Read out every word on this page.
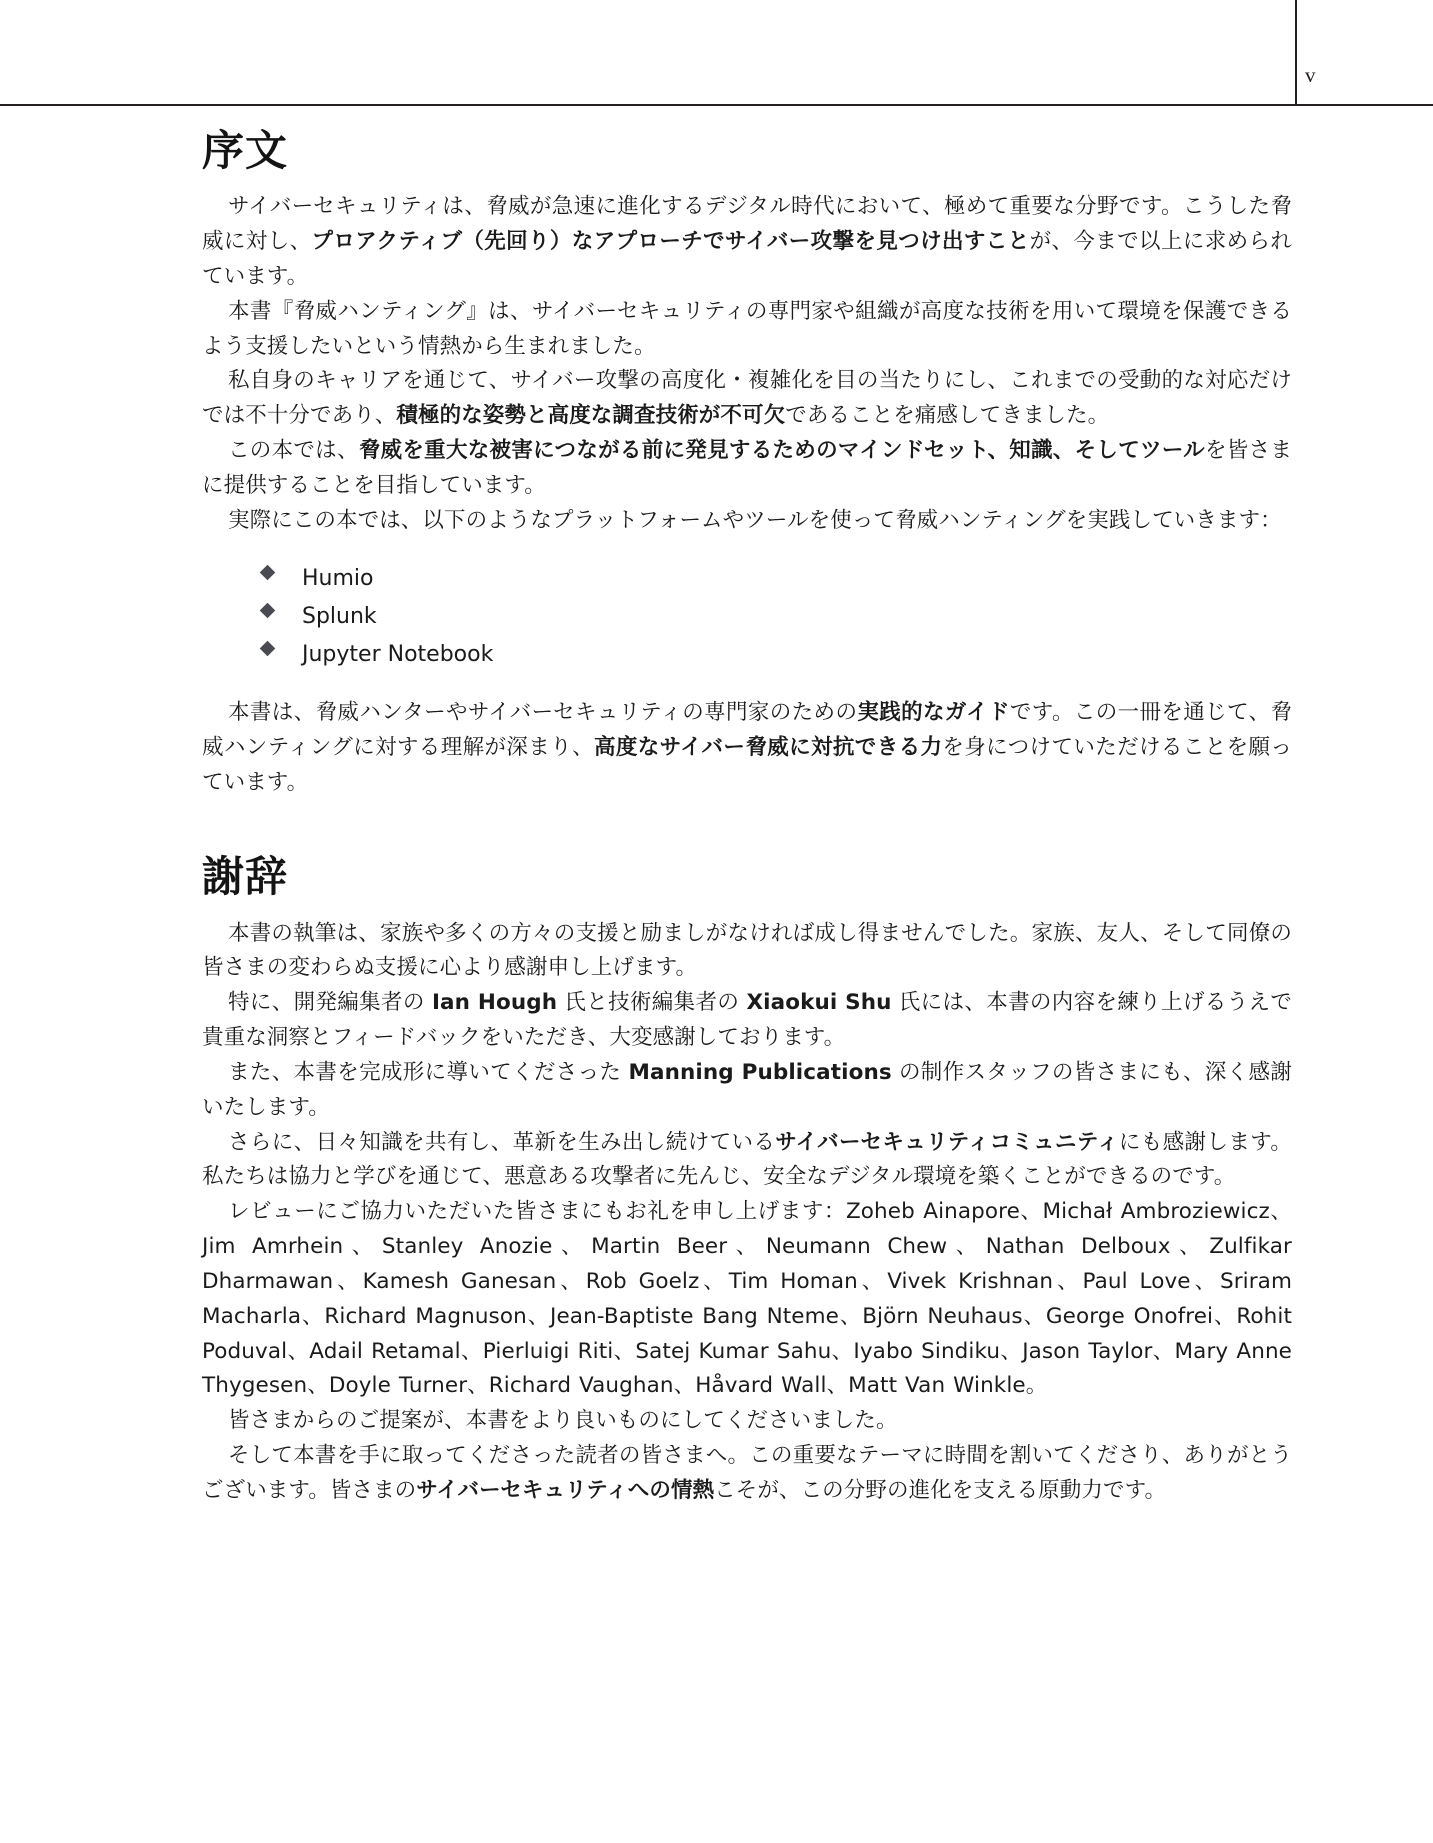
v
序文

サイバーセキュリティは、脅威が急速に進化するデジタル時代において、極めて重要な分野です。こうした脅威に対し、プロアクティブ（先回り）なアプローチでサイバー攻撃を見つけ出すことが、今まで以上に求められています。

本書『脅威ハンティング』は、サイバーセキュリティの専門家や組織が高度な技術を用いて環境を保護できるよう支援したいという情熱から生まれました。

私自身のキャリアを通じて、サイバー攻撃の高度化・複雑化を目の当たりにし、これまでの受動的な対応だけでは不十分であり、積極的な姿勢と高度な調査技術が不可欠であることを痛感してきました。

この本では、脅威を重大な被害につながる前に発見するためのマインドセット、知識、そしてツールを皆さまに提供することを目指しています。

実際にこの本では、以下のようなプラットフォームやツールを使って脅威ハンティングを実践していきます：

Humio
Splunk
Jupyter Notebook

本書は、脅威ハンターやサイバーセキュリティの専門家のための実践的なガイドです。この一冊を通じて、脅威ハンティングに対する理解が深まり、高度なサイバー脅威に対抗できる力を身につけていただけることを願っています。

謝辞

本書の執筆は、家族や多くの方々の支援と励ましがなければ成し得ませんでした。家族、友人、そして同僚の皆さまの変わらぬ支援に心より感謝申し上げます。

特に、開発編集者の Ian Hough 氏と技術編集者の Xiaokui Shu 氏には、本書の内容を練り上げるうえで貴重な洞察とフィードバックをいただき、大変感謝しております。

また、本書を完成形に導いてくださった Manning Publications の制作スタッフの皆さまにも、深く感謝いたします。

さらに、日々知識を共有し、革新を生み出し続けているサイバーセキュリティコミュニティにも感謝します。私たちは協力と学びを通じて、悪意ある攻撃者に先んじ、安全なデジタル環境を築くことができるのです。

レビューにご協力いただいた皆さまにもお礼を申し上げます：Zoheb Ainapore、Michał Ambroziewicz、Jim Amrhein、Stanley Anozie、Martin Beer、Neumann Chew、Nathan Delboux、Zulfikar Dharmawan、Kamesh Ganesan、Rob Goelz、Tim Homan、Vivek Krishnan、Paul Love、Sriram Macharla、Richard Magnuson、Jean-Baptiste Bang Nteme、Björn Neuhaus、George Onofrei、Rohit Poduval、Adail Retamal、Pierluigi Riti、Satej Kumar Sahu、Iyabo Sindiku、Jason Taylor、Mary Anne Thygesen、Doyle Turner、Richard Vaughan、Håvard Wall、Matt Van Winkle。

皆さまからのご提案が、本書をより良いものにしてくださいました。

そして本書を手に取ってくださった読者の皆さまへ。この重要なテーマに時間を割いてくださり、ありがとうございます。皆さまのサイバーセキュリティへの情熱こそが、この分野の進化を支える原動力です。
